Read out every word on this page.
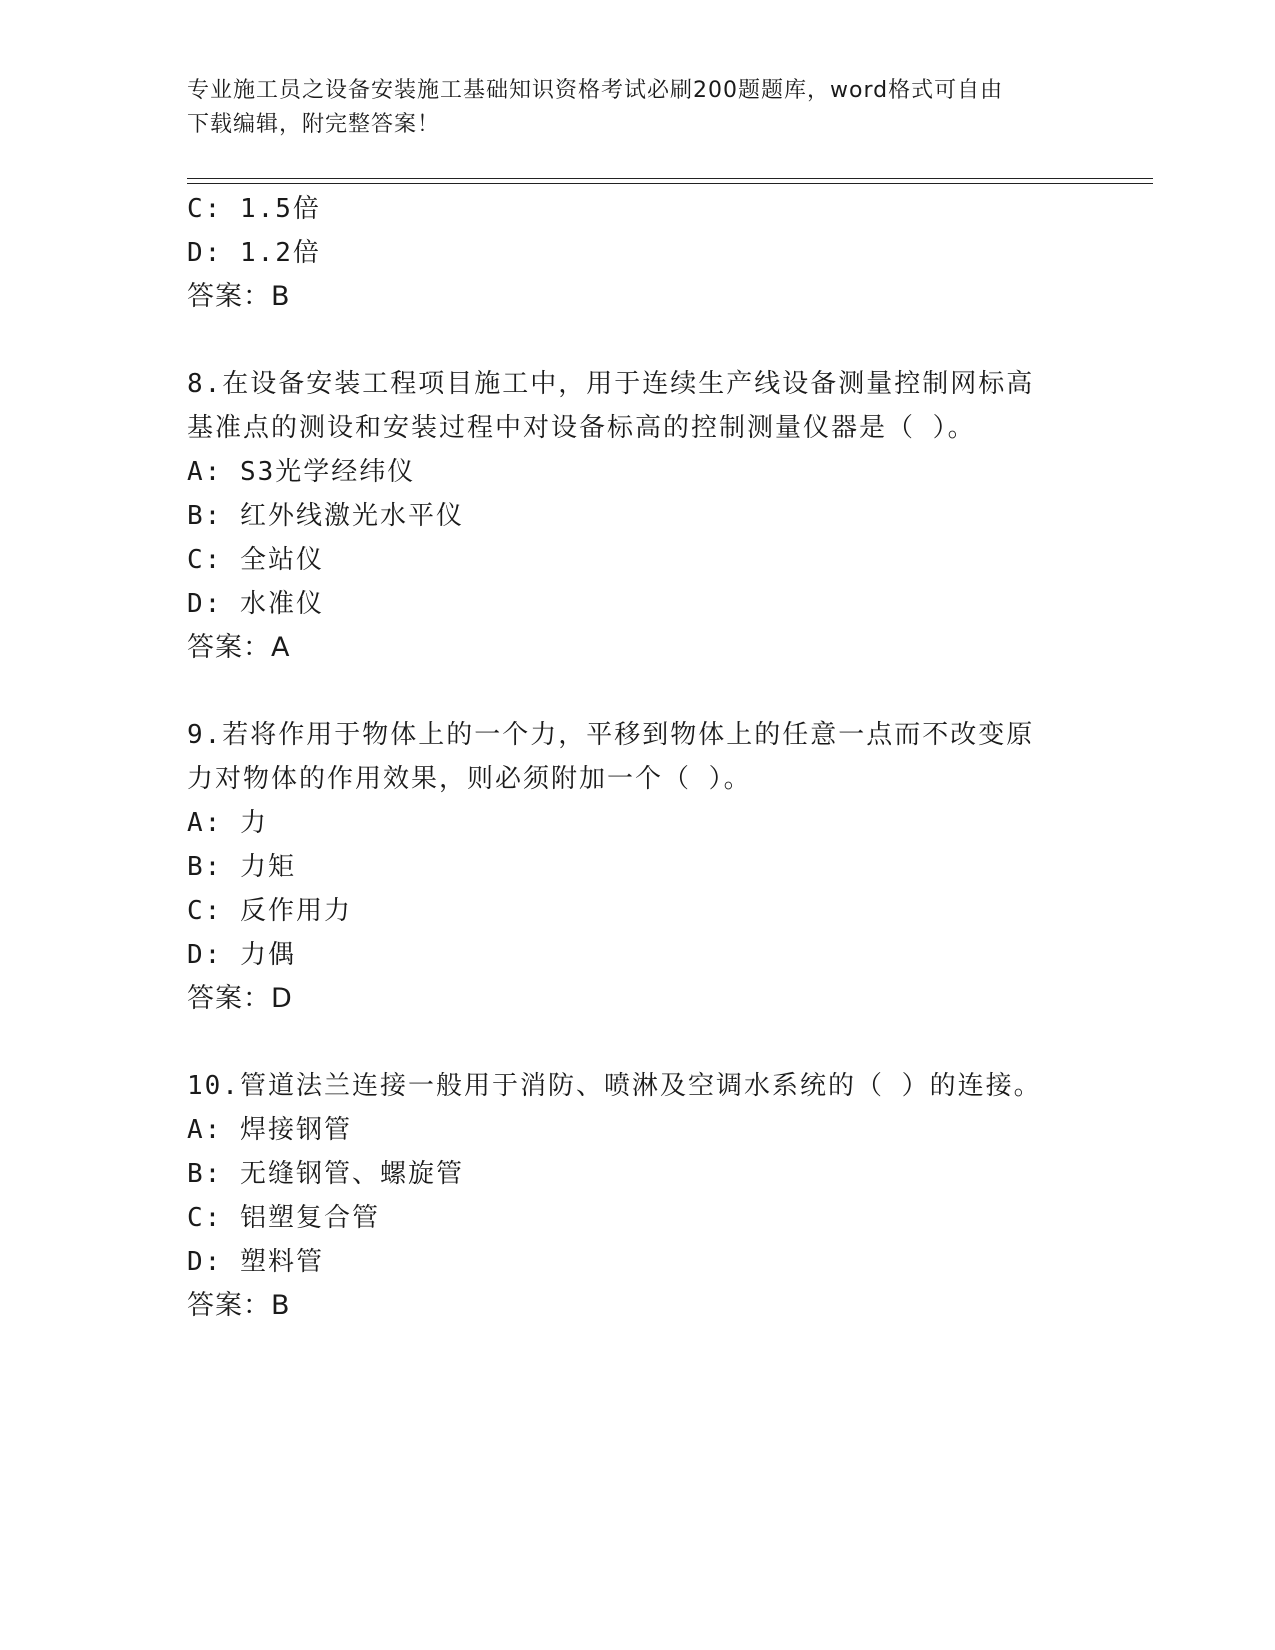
专业施工员之设备安装施工基础知识资格考试必刷200题题库，word格式可自由
下载编辑，附完整答案！
C: 1.5倍
D: 1.2倍
答案：B
8.在设备安装工程项目施工中，用于连续生产线设备测量控制网标高
基准点的测设和安装过程中对设备标高的控制测量仪器是（ ）。
A: S3光学经纬仪
B: 红外线激光水平仪
C: 全站仪
D: 水准仪
答案：A
9.若将作用于物体上的一个力，平移到物体上的任意一点而不改变原
力对物体的作用效果，则必须附加一个（ ）。
A: 力
B: 力矩
C: 反作用力
D: 力偶
答案：D
10.管道法兰连接一般用于消防、喷淋及空调水系统的（ ）的连接。
A: 焊接钢管
B: 无缝钢管、螺旋管
C: 铝塑复合管
D: 塑料管
答案：B
